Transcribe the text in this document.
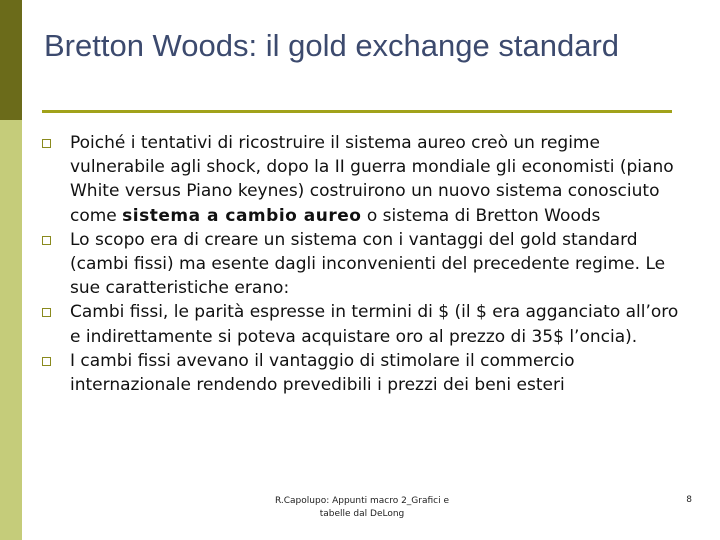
Bretton Woods: il gold exchange standard
Poiché i tentativi di ricostruire il sistema aureo creò un regime vulnerabile agli shock, dopo la II guerra mondiale gli economisti (piano White versus Piano keynes) costruirono un nuovo sistema conosciuto come sistema a cambio aureo o sistema di Bretton Woods
Lo scopo era di creare un sistema con i vantaggi del gold standard (cambi fissi) ma esente dagli inconvenienti del precedente regime. Le sue caratteristiche erano:
Cambi fissi, le parità espresse in termini di $ (il $ era agganciato all’oro e indirettamente si poteva acquistare oro al prezzo di 35$ l’oncia).
I cambi fissi avevano il vantaggio di stimolare il commercio internazionale rendendo prevedibili i prezzi dei beni esteri
R.Capolupo: Appunti macro 2_Grafici e
tabelle dal DeLong
8
